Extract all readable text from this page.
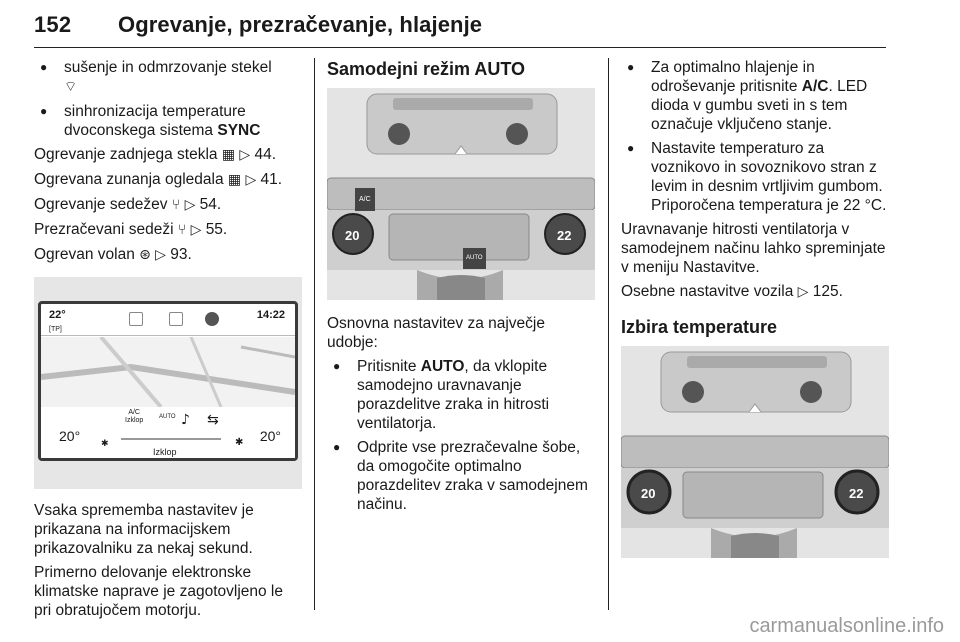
152 Ogrevanje, prezračevanje, hlajenje
● sušenje in odmrzovanje stekel
⌔
● sinhronizacija temperature dvoconskega sistema SYNC

Ogrevanje zadnjega stekla ▦ ▷ 44.

Ogrevana zunanja ogledala ▦ ▷ 41.

Ogrevanje sedežev ⑂ ▷ 54.

Prezračevani sedeži ⑂ ▷ 55.

Ogrevan volan ⊛ ▷ 93.

22°
[TP]
14:22
A/C
Izklop	AUTO ♪ ⇆
20° ✱	✱
Izklop
20°

Vsaka sprememba nastavitev je prikazana na informacijskem prikazovalniku za nekaj sekund.

Primerno delovanje elektronske klimatske naprave je zagotovljeno le pri obratujočem motorju.

Samodejni režim AUTO
20	22
A/C
AUTO

Osnovna nastavitev za največje udobje:

● Pritisnite AUTO, da vklopite samodejno uravnavanje porazdelitve zraka in hitrosti ventilatorja.
● Odprite vse prezračevalne šobe, da omogočite optimalno porazdelitev zraka v samodejnem načinu.
● Za optimalno hlajenje in odroševanje pritisnite A/C. LED dioda v gumbu sveti in s tem označuje vključeno stanje.
● Nastavite temperaturo za voznikovo in sovoznikovo stran z levim in desnim vrtljivim gumbom. Priporočena temperatura je 22 °C.

Uravnavanje hitrosti ventilatorja v samodejnem načinu lahko spreminjate v meniju Nastavitve.

Osebne nastavitve vozila ▷ 125.

Izbira temperature
20	22
carmanualsonline.info
